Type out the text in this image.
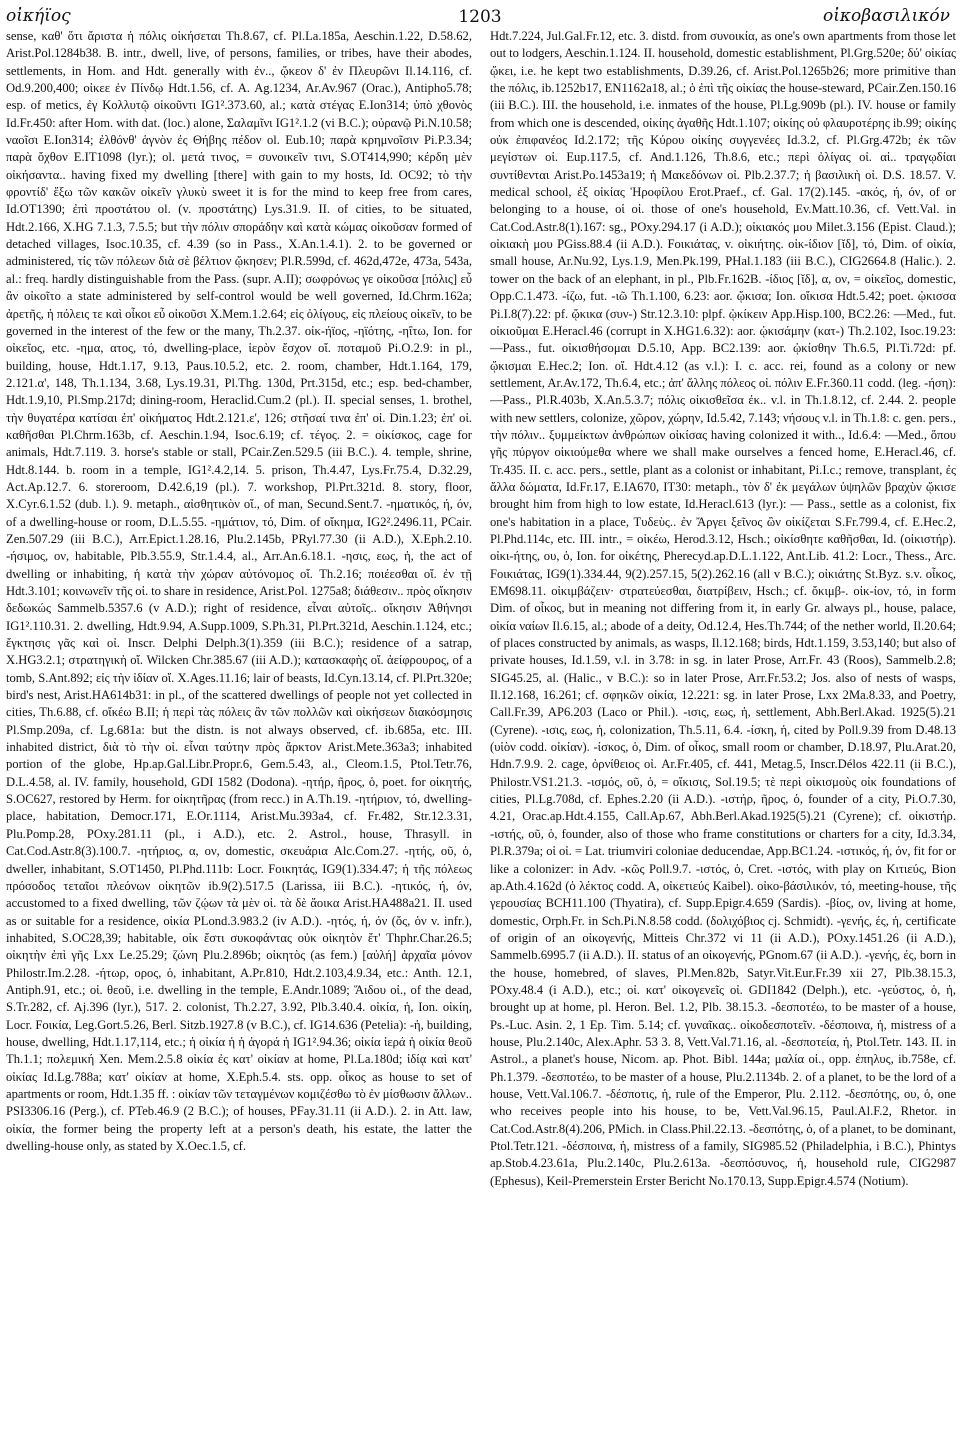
οἰκήϊος	1203	οἰκοβασιλικόν

sense, καθ' ὅτι ἄριστα ἡ πόλις οἰκήσεται Th.8.67, cf. Pl.La.185a, Aeschin.1.22, D.58.62, Arist.Pol.1284b38. B. intr., dwell, live, of persons, families, or tribes, have their abodes, settlements, in Hom. and Hdt. generally with ἐν.., ᾤκεον δ' ἐν Πλευρῶνι Il.14.116, cf. Od.9.200,400; οἰκεε ἐν Πίνδῳ Hdt.1.56, cf. A. Ag.1234, Ar.Av.967 (Orac.), Antipho5.78; esp. of metics, ἐγ Κολλυτῷ οἰκοῦντι IG1².373.60, al.; κατὰ στέγας E.Ion314; ὑπὸ χθονὸς Id.Fr.450: after Hom. with dat. (loc.) alone, Σαλαμῖνι IG1².1.2 (vi B.C.); οὐρανῷ Pi.N.10.58; ναοῖσι E.Ion314; ἐλθόνθ' ἁγνὸν ἐς Θήβης πέδον ol. Eub.10; παρὰ κρημνοῖσιν Pi.P.3.34; παρὰ ὄχθον E.IT1098 (lyr.); ol. μετά τινος, = συνοικεῖν τινι, S.OT414,990; κέρδη μὲν οἰκήσαντα.. having fixed my dwelling [there] with gain to my hosts, Id. OC92; τὸ τὴν φροντίδ' ἔξω τῶν κακῶν οἰκεῖν γλυκὺ sweet it is for the mind to keep free from cares, Id.OT1390; ἐπὶ προστάτου ol. (v. προστάτης) Lys.31.9. II. of cities, to be situated, Hdt.2.166, X.HG 7.1.3, 7.5.5; but τὴν πόλιν σποράδην καὶ κατὰ κώμας οἰκοῦσαν formed of detached villages, Isoc.10.35, cf. 4.39 (so in Pass., X.An.1.4.1). 2. to be governed or administered, τίς τῶν πόλεων διὰ σὲ βέλτιον ᾤκησεν; Pl.R.599d, cf. 462d,472e, 473a, 543a, al.: freq. hardly distinguishable from the Pass. (supr. A.II); σωφρόνως γε οἰκοῦσα [πόλις] εὖ ἂν οἰκοῖτο a state administered by self-control would be well governed, Id.Chrm.162a; ἀρετῆς, ἡ πόλεις τε καὶ οἶκοι εὖ οἰκοῦσι X.Mem.1.2.64; εἰς ὀλίγους, εἰς πλείους οἰκεῖν, to be governed in the interest of the few or the many, Th.2.37. οἰκ-ήϊος, -ηϊότης, -ηΐτω, Ion. for οἰκεῖος, etc. -ημα, ατος, τό, dwelling-place, ἱερὸν ἔσχον οἴ. ποταμοῦ Pi.O.2.9: in pl., building, house, Hdt.1.17, 9.13, Paus.10.5.2, etc. 2. room, chamber, Hdt.1.164, 179, 2.121.α', 148, Th.1.134, 3.68, Lys.19.31, Pl.Thg. 130d, Prt.315d, etc.; esp. bed-chamber, Hdt.1.9,10, Pl.Smp.217d; dining-room, Heraclid.Cum.2 (pl.). II. special senses, 1. brothel, τὴν θυγατέρα κατίσαι ἐπ' οἰκήματος Hdt.2.121.ε', 126; στῆσαί τινα ἐπ' οἰ. Din.1.23; ἐπ' οἰ. καθῆσθαι Pl.Chrm.163b, cf. Aeschin.1.94, Isoc.6.19; cf. τέγος. 2. = οἰκίσκος, cage for animals, Hdt.7.119. 3. horse's stable or stall, PCair.Zen.529.5 (iii B.C.). 4. temple, shrine, Hdt.8.144. b. room in a temple, IG1².4.2,14. 5. prison, Th.4.47, Lys.Fr.75.4, D.32.29, Act.Ap.12.7. 6. storeroom, D.42.6,19 (pl.). 7. workshop, Pl.Prt.321d. 8. story, floor, X.Cyr.6.1.52 (dub. l.). 9. metaph., αἰσθητικὸν οἴ., of man, Secund.Sent.7. -ηματικός, ή, όν, of a dwelling-house or room, D.L.5.55. -ημάτιον, τό, Dim. of οἴκημα, IG2².2496.11, PCair. Zen.507.29 (iii B.C.), Arr.Epict.1.28.16, Plu.2.145b, PRyl.77.30 (ii A.D.), X.Eph.2.10. -ήσιμος, ον, habitable, Plb.3.55.9, Str.1.4.4, al., Arr.An.6.18.1. -ησις, εως, ἡ, the act of dwelling or inhabiting, ἡ κατὰ τὴν χώραν αὐτόνομος οἴ. Th.2.16; ποιέεσθαι οἴ. ἐν τῇ Hdt.3.101; κοινωνεῖν τῆς οἰ. to share in residence, Arist.Pol. 1275a8; διάθεσιν.. πρὸς οἴκησιν δεδωκώς Sammelb.5357.6 (v A.D.); right of residence, εἶναι αὐτοῖς.. οἴκησιν Ἀθήνησι IG1².110.31. 2. dwelling, Hdt.9.94, A.Supp.1009, S.Ph.31, Pl.Prt.321d, Aeschin.1.124, etc.; ἔγκτησις γᾶς καὶ οἰ. Inscr. Delphi Delph.3(1).359 (iii B.C.); residence of a satrap, X.HG3.2.1; στρατηγικὴ οἴ. Wilcken Chr.385.67 (iii A.D.); κατασκαφὴς οἴ. ἀείφρουρος, of a tomb, S.Ant.892; εἰς τὴν ἰδίαν οἴ. X.Ages.11.16; lair of beasts, Id.Cyn.13.14, cf. Pl.Prt.320e; bird's nest, Arist.HA614b31: in pl., of the scattered dwellings of people not yet collected in cities, Th.6.88, cf. οἴκέω B.II; ἡ περὶ τὰς πόλεις ἂν τῶν πολλῶν καὶ οἰκήσεων διακόσμησις Pl.Smp.209a, cf. Lg.681a: but the distn. is not always observed, cf. ib.685a, etc. III. inhabited district, διὰ τὸ τὴν οἰ. εἶναι ταύτην πρὸς ἄρκτον Arist.Mete.363a3; inhabited portion of the globe, Hp.ap.Gal.Libr.Propr.6, Gem.5.43, al., Cleom.1.5, Ptol.Tetr.76, D.L.4.58, al. IV. family, household, GDI 1582 (Dodona). -ητήρ, ῆρος, ὁ, poet. for οἰκητής, S.OC627, restored by Herm. for οἰκητῆρας (from recc.) in A.Th.19. -ητήριον, τό, dwelling-place, habitation, Democr.171, E.Or.1114, Arist.Mu.393a4, cf. Fr.482, Str.12.3.31, Plu.Pomp.28, POxy.281.11 (pl., i A.D.), etc. 2. Astrol., house, Thrasyll. in Cat.Cod.Astr.8(3).100.7. -ητήριος, α, ον, domestic, σκευάρια Alc.Com.27. -ητής, οῦ, ὁ, dweller, inhabitant, S.OT1450, Pl.Phd.111b: Locr. Foικητάς, IG9(1).334.47; ἡ τῆς πόλεως πρόσοδος τεταῖοι πλεόνων οἰκητῶν ib.9(2).517.5 (Larissa, iii B.C.). -ητικός, ή, όν, accustomed to a fixed dwelling, τῶν ζῴων τὰ μὲν οἰ. τὰ δὲ ἄοικα Arist.HA488a21. II. used as or suitable for a residence, οἰκία PLond.3.983.2 (iv A.D.). -ητός, ή, όν (ὄς, ὁν v. infr.), inhabited, S.OC28,39; habitable, οἰκ ἔστι συκοφάντας οὐκ οἰκητὸν ἔτ' Thphr.Char.26.5; οἰκητὴν ἐπὶ γῆς Lxx Le.25.29; ζώνη Plu.2.896b; οἰκητὸς (as fem.) [αὐλή] ἀρχαῖα μόνον Philostr.Im.2.28. -ήτωρ, ορος, ὁ, inhabitant, A.Pr.810, Hdt.2.103,4.9.34, etc.: Anth. 12.1, Antiph.91, etc.; οἰ. θεοῦ, i.e. dwelling in the temple, E.Andr.1089; Ἅιδου οἰ., of the dead, S.Tr.282, cf. Aj.396 (lyr.), 517. 2. colonist, Th.2.27, 3.92, Plb.3.40.4. οἰκία, ἡ, Ion. οἰκίη, Locr. Foικία, Leg.Gort.5.26, Berl. Sitzb.1927.8 (v B.C.), cf. IG14.636 (Petelia): -ἡ, building, house, dwelling, Hdt.1.17,114, etc.; ἡ οἰκία ἡ ἡ ἀγορά ἡ IG1².94.36; οἰκία ἱερά ἡ οἰκία θεοῦ Th.1.1; πολεμική Xen. Mem.2.5.8 οἰκία ἐς κατ' οἰκίαν at home, Pl.La.180d; ἰδίᾳ καὶ κατ' οἰκίας Id.Lg.788a; κατ' οἰκίαν at home, X.Eph.5.4. sts. opp. οἶκος as house to set of apartments or room, Hdt.1.35 ff. : οἰκίαν τῶν τεταγμένων κομιζέσθω τὸ ἐν μίσθωσιν ἄλλων.. PSI3306.16 (Perg.), cf. PTeb.46.9 (2 B.C.); of houses, PFay.31.11 (ii A.D.). 2. in Att. law, οἰκία, the former being the property left at a person's death, his estate, the latter the dwelling-house only, as stated by X.Oec.1.5, cf.

Hdt.7.224, Jul.Gal.Fr.12, etc. 3. distd. from συνοικία, as one's own apartments from those let out to lodgers, Aeschin.1.124. II. household, domestic establishment, Pl.Grg.520e; δύ' οἰκίας ᾤκει, i.e. he kept two establishments, D.39.26, cf. Arist.Pol.1265b26; more primitive than the πόλις, ib.1252b17, EN1162a18, al.; ὁ ἐπὶ τῆς οἰκίας the house-steward, PCair.Zen.150.16 (iii B.C.). III. the household, i.e. inmates of the house, Pl.Lg.909b (pl.). IV. house or family from which one is descended, οἰκίης ἀγαθῆς Hdt.1.107; οἰκίης οὐ φλαυροτέρης ib.99; οἰκίης οὐκ ἐπιφανέος Id.2.172; τῆς Κύρου οἰκίης συγγενέες Id.3.2, cf. Pl.Grg.472b; ἐκ τῶν μεγίστων οἰ. Eup.117.5, cf. And.1.126, Th.8.6, etc.; περὶ ὀλίγας οἰ. αἱ.. τραγῳδίαι συντίθενται Arist.Po.1453a19; ἡ Μακεδόνων οἰ. Plb.2.37.7; ἡ βασιλικὴ οἰ. D.S. 18.57. V. medical school, ἐξ οἰκίας Ἡροφίλου Erot.Praef., cf. Gal. 17(2).145. -ακός, ή, όν, of or belonging to a house, οἱ οἰ. those of one's household, Ev.Matt.10.36, cf. Vett.Val. in Cat.Cod.Astr.8(1).167: sg., POxy.294.17 (i A.D.); οἰκιακός μου Milet.3.156 (Epist. Claud.); οἰκιακὴ μου PGiss.88.4 (ii A.D.). Foικιάτας, v. οἰκιήτης. οἰκ-ίδιον [ῐδ], τό, Dim. of οἰκία, small house, Ar.Nu.92, Lys.1.9, Men.Pk.199, PHal.1.183 (iii B.C.), CIG2664.8 (Halic.). 2. tower on the back of an elephant, in pl., Plb.Fr.162B. -ίδιος [ῐδ], α, ον, = οἰκεῖος, domestic, Opp.C.1.473. -ίζω, fut. -ιῶ Th.1.100, 6.23: aor. ᾤκισα; Ion. οἴκισα Hdt.5.42; poet. ᾠκισσα Pi.I.8(7).22: pf. ᾤκικα (συν-) Str.12.3.10: plpf. ᾠκίκειν App.Hisp.100, BC2.26: —Med., fut. οἰκιοῦμαι E.Heracl.46 (corrupt in X.HG1.6.32): aor. ᾠκισάμην (κατ-) Th.2.102, Isoc.19.23: —Pass., fut. οἰκισθήσομαι D.5.10, App. BC2.139: aor. ᾠκίσθην Th.6.5, Pl.Ti.72d: pf. ᾤκισμαι E.Hec.2; Ion. οἴ. Hdt.4.12 (as v.l.): I. c. acc. rei, found as a colony or new settlement, Ar.Av.172, Th.6.4, etc.; ἀπ' ἄλλης πόλεος οἰ. πόλιν E.Fr.360.11 codd. (leg. -ήση): —Pass., Pl.R.403b, X.An.5.3.7; πόλις οἰκισθεῖσα ἐκ.. v.l. in Th.1.8.12, cf. 2.44. 2. people with new settlers, colonize, χῶρον, χώρην, Id.5.42, 7.143; νήσους v.l. in Th.1.8: c. gen. pers., τὴν πόλιν.. ξυμμείκτων ἀνθρώπων οἰκίσας having colonized it with.., Id.6.4: —Med., ὅπου γῆς πύργον οἰκιούμεθα where we shall make ourselves a fenced home, E.Heracl.46, cf. Tr.435. II. c. acc. pers., settle, plant as a colonist or inhabitant, Pi.I.c.; remove, transplant, ἐς ἄλλα δώματα, Id.Fr.17, E.IA670, IT30: metaph., τὸν δ' ἐκ μεγάλων ὑψηλῶν βραχὺν ᾤκισε brought him from high to low estate, Id.Heracl.613 (lyr.): — Pass., settle as a colonist, fix one's habitation in a place, Τυδεὺς.. ἐν Ἄργει ξεῖνος ὢν οἰκίζεται S.Fr.799.4, cf. E.Hec.2, Pl.Phd.114c, etc. III. intr., = οἰκέω, Herod.3.12, Hsch.; οἰκίσθητε καθῆσθαι, Id. (οἰκιστήρ). οἰκι-ήτης, ου, ὁ, Ion. for οἰκέτης, Pherecyd.ap.D.L.1.122, Ant.Lib. 41.2: Locr., Thess., Arc. Foικιάτας, IG9(1).334.44, 9(2).257.15, 5(2).262.16 (all v B.C.); οἰκιάτης St.Byz. s.v. οἶκος, EM698.11. οἰκιμβάζειν· στρατεύεσθαι, διατρίβειν, Hsch.; cf. ὄκιμβ-. οἰκ-ίον, τό, in form Dim. of οἶκος, but in meaning not differing from it, in early Gr. always pl., house, palace, οἰκία ναίων Il.6.15, al.; abode of a deity, Od.12.4, Hes.Th.744; of the nether world, Il.20.64; of places constructed by animals, as wasps, Il.12.168; birds, Hdt.1.159, 3.53,140; but also of private houses, Id.1.59, v.l. in 3.78: in sg. in later Prose, Arr.Fr. 43 (Roos), Sammelb.2.8; SIG45.25, al. (Halic., v B.C.): so in later Prose, Arr.Fr.53.2; Jos. also of nests of wasps, Il.12.168, 16.261; cf. σφηκῶν οἰκία, 12.221: sg. in later Prose, Lxx 2Ma.8.33, and Poetry, Call.Fr.39, AP6.203 (Laco or Phil.). -ισις, εως, ἡ, settlement, Abh.Berl.Akad. 1925(5).21 (Cyrene). -ισις, εως, ἡ, colonization, Th.5.11, 6.4. -ίσκη, ἡ, cited by Poll.9.39 from D.48.13 (υἱὸν codd. οἰκίαν). -ίσκος, ὁ, Dim. of οἶκος, small room or chamber, D.18.97, Plu.Arat.20, Hdn.7.9.9. 2. cage, ὀρνίθειος οἰ. Ar.Fr.405, cf. 441, Metag.5, Inscr.Délos 422.11 (ii B.C.), Philostr.VS1.21.3. -ισμός, οῦ, ὁ, = οἴκισις, Sol.19.5; τὲ περὶ οἰκισμοὺς οἰκ foundations of cities, Pl.Lg.708d, cf. Ephes.2.20 (ii A.D.). -ιστήρ, ῆρος, ὁ, founder of a city, Pi.O.7.30, 4.21, Orac.ap.Hdt.4.155, Call.Ap.67, Abh.Berl.Akad.1925(5).21 (Cyrene); cf. οἰκιστήρ. -ιστής, οῦ, ὁ, founder, also of those who frame constitutions or charters for a city, Id.3.34, Pl.R.379a; οἱ οἰ. = Lat. triumviri coloniae deducendae, App.BC1.24. -ιστικός, ή, όν, fit for or like a colonizer: in Adv. -κῶς Poll.9.7. -ιστός, ὁ, Cret. -ιστός, with play on Κιτιεύς, Bion ap.Ath.4.162d (ὁ λέκτος codd. A, οἰκετιεύς Kaibel). οἰκο-βάσιλικόν, τό, meeting-house, τῆς γερουσίας BCH11.100 (Thyatira), cf. Supp.Epigr.4.659 (Sardis). -βίος, ον, living at home, domestic, Orph.Fr. in Sch.Pi.N.8.58 codd. (δολιχόβιος cj. Schmidt). -γενής, ές, ἡ, certificate of origin of an οἰκογενής, Mitteis Chr.372 vi 11 (ii A.D.), POxy.1451.26 (ii A.D.), Sammelb.6995.7 (ii A.D.). II. status of an οἰκογενής, PGnom.67 (ii A.D.). -γενής, ές, born in the house, homebred, of slaves, Pl.Men.82b, Satyr.Vit.Eur.Fr.39 xii 27, Plb.38.15.3, POxy.48.4 (i A.D.), etc.; οἰ. κατ' οἰκογενεῖς οἰ. GDI1842 (Delph.), etc. -γεύστος, ὁ, ἡ, brought up at home, pl. Heron. Bel. 1.2, Plb. 38.15.3. -δεσποτέω, to be master of a house, Ps.-Luc. Asin. 2, 1 Ep. Tim. 5.14; cf. γυναῖκας.. οἰκοδεσποτεῖν. -δέσποινα, ἡ, mistress of a house, Plu.2.140c, Alex.Aphr. 53 3. 8, Vett.Val.71.16, al. -δεσποτεία, ἡ, Ptol.Tetr. 143. II. in Astrol., a planet's house, Nicom. ap. Phot. Bibl. 144a; μαλία οἰ., opp. ἐπηλυς, ib.758e, cf. Ph.1.379. -δεσποτέω, to be master of a house, Plu.2.1134b. 2. of a planet, to be the lord of a house, Vett.Val.106.7. -δέσποτις, ἡ, rule of the Emperor, Plu. 2.112. -δεσπότης, ου, ὁ, one who receives people into his house, to be, Vett.Val.96.15, Paul.Al.F.2, Rhetor. in Cat.Cod.Astr.8(4).206, PMich. in Class.Phil.22.13. -δεσπότης, ὁ, of a planet, to be dominant, Ptol.Tetr.121. -δέσποινα, ἡ, mistress of a family, SIG985.52 (Philadelphia, i B.C.), Phintys ap.Stob.4.23.61a, Plu.2.140c, Plu.2.613a. -δεσπόσυνος, ἡ, household rule, CIG2987 (Ephesus), Keil-Premerstein Erster Bericht No.170.13, Supp.Epigr.4.574 (Notium).
